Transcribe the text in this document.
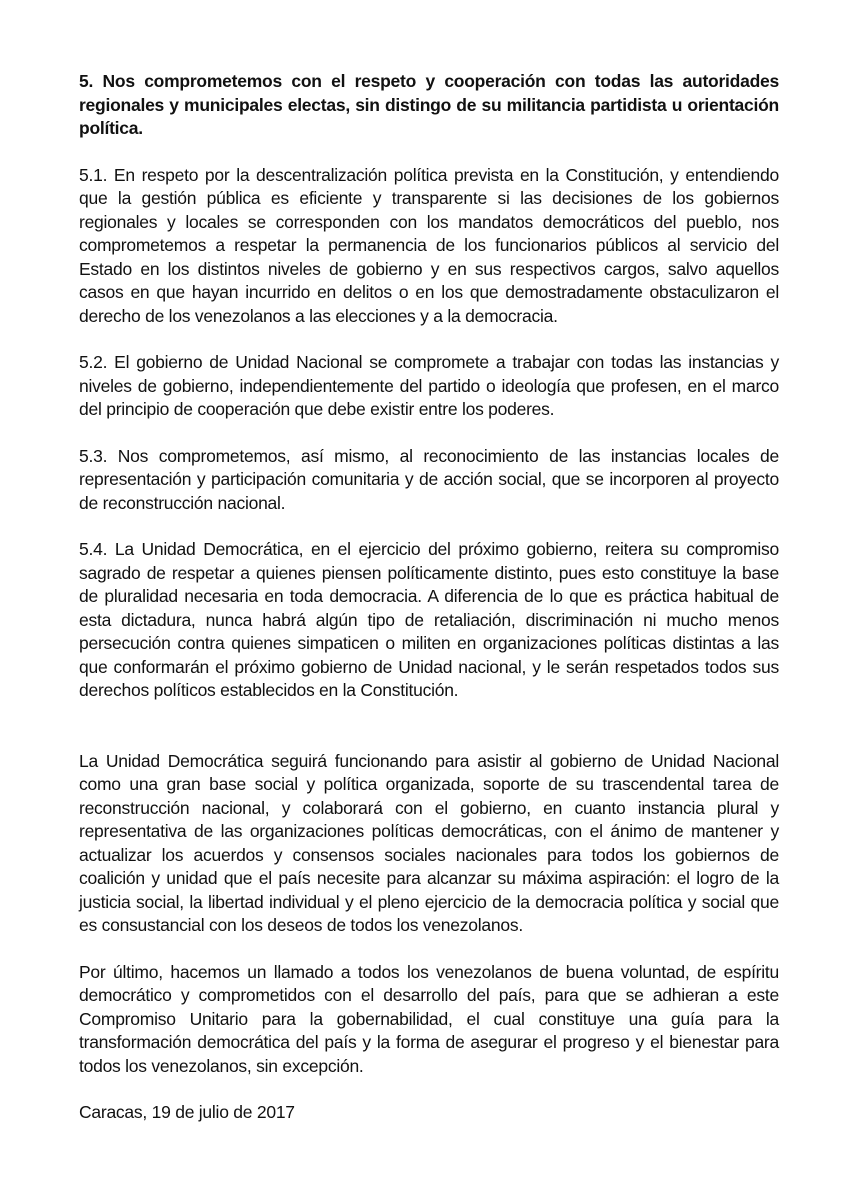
5. Nos comprometemos con el respeto y cooperación con todas las autoridades regionales y municipales electas, sin distingo de su militancia partidista u orientación política.

5.1. En respeto por la descentralización política prevista en la Constitución, y entendiendo que la gestión pública es eficiente y transparente si las decisiones de los gobiernos regionales y locales se corresponden con los mandatos democráticos del pueblo, nos comprometemos a respetar la permanencia de los funcionarios públicos al servicio del Estado en los distintos niveles de gobierno y en sus respectivos cargos, salvo aquellos casos en que hayan incurrido en delitos o en los que demostradamente obstaculizaron el derecho de los venezolanos a las elecciones y a la democracia.

5.2. El gobierno de Unidad Nacional se compromete a trabajar con todas las instancias y niveles de gobierno, independientemente del partido o ideología que profesen, en el marco del principio de cooperación que debe existir entre los poderes.

5.3. Nos comprometemos, así mismo, al reconocimiento de las instancias locales de representación y participación comunitaria y de acción social, que se incorporen al proyecto de reconstrucción nacional.

5.4. La Unidad Democrática, en el ejercicio del próximo gobierno, reitera su compromiso sagrado de respetar a quienes piensen políticamente distinto, pues esto constituye la base de pluralidad necesaria en toda democracia. A diferencia de lo que es práctica habitual de esta dictadura, nunca habrá algún tipo de retaliación, discriminación ni mucho menos persecución contra quienes simpaticen o militen en organizaciones políticas distintas a las que conformarán el próximo gobierno de Unidad nacional, y le serán respetados todos sus derechos políticos establecidos en la Constitución.

La Unidad Democrática seguirá funcionando para asistir al gobierno de Unidad Nacional como una gran base social y política organizada, soporte de su trascendental tarea de reconstrucción nacional, y colaborará con el gobierno, en cuanto instancia plural y representativa de las organizaciones políticas democráticas, con el ánimo de mantener y actualizar los acuerdos y consensos sociales nacionales para todos los gobiernos de coalición y unidad que el país necesite para alcanzar su máxima aspiración: el logro de la justicia social, la libertad individual y el pleno ejercicio de la democracia política y social que es consustancial con los deseos de todos los venezolanos.

Por último, hacemos un llamado a todos los venezolanos de buena voluntad, de espíritu democrático y comprometidos con el desarrollo del país, para que se adhieran a este Compromiso Unitario para la gobernabilidad, el cual constituye una guía para la transformación democrática del país y la forma de asegurar el progreso y el bienestar para todos los venezolanos, sin excepción.

Caracas, 19 de julio de 2017
